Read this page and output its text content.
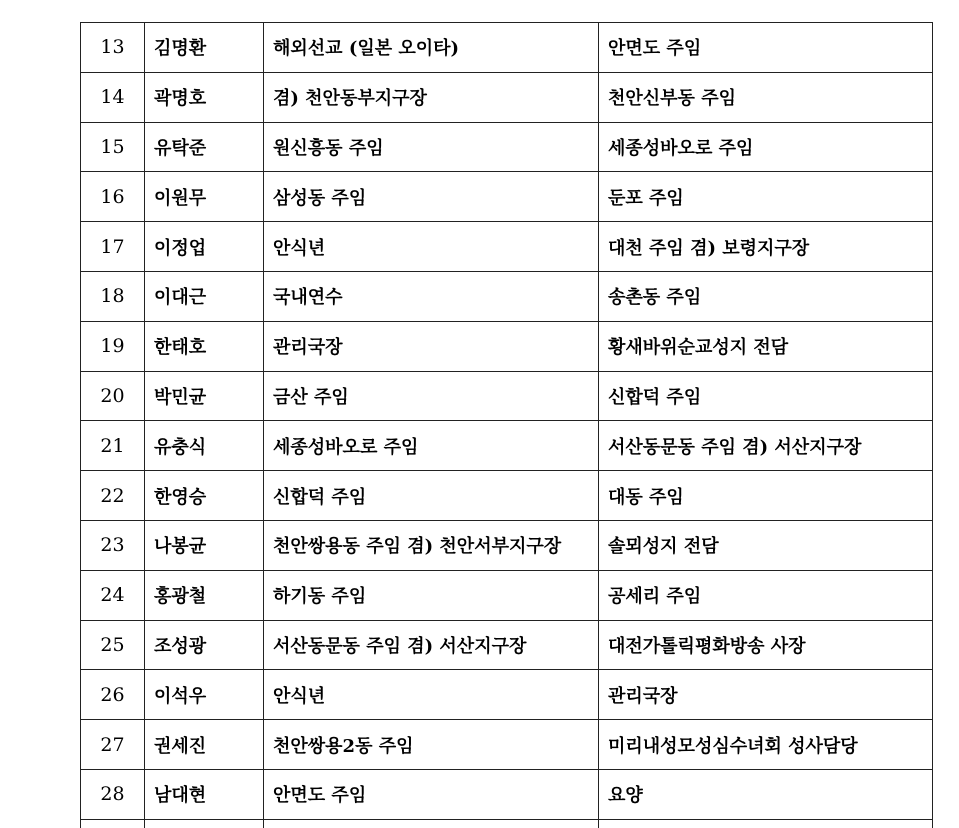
13	김명환	해외선교 (일본 오이타)	안면도 주임
14	곽명호	겸) 천안동부지구장	천안신부동 주임
15	유탁준	원신흥동 주임	세종성바오로 주임
16	이원무	삼성동 주임	둔포 주임
17	이정업	안식년	대천 주임 겸) 보령지구장
18	이대근	국내연수	송촌동 주임
19	한태호	관리국장	황새바위순교성지 전담
20	박민균	금산 주임	신합덕 주임
21	유충식	세종성바오로 주임	서산동문동 주임 겸) 서산지구장
22	한영승	신합덕 주임	대동 주임
23	나봉균	천안쌍용동 주임 겸) 천안서부지구장	솔뫼성지 전담
24	홍광철	하기동 주임	공세리 주임
25	조성광	서산동문동 주임 겸) 서산지구장	대전가톨릭평화방송 사장
26	이석우	안식년	관리국장
27	권세진	천안쌍용2동 주임	미리내성모성심수녀회 성사담당
28	남대현	안면도 주임	요양
